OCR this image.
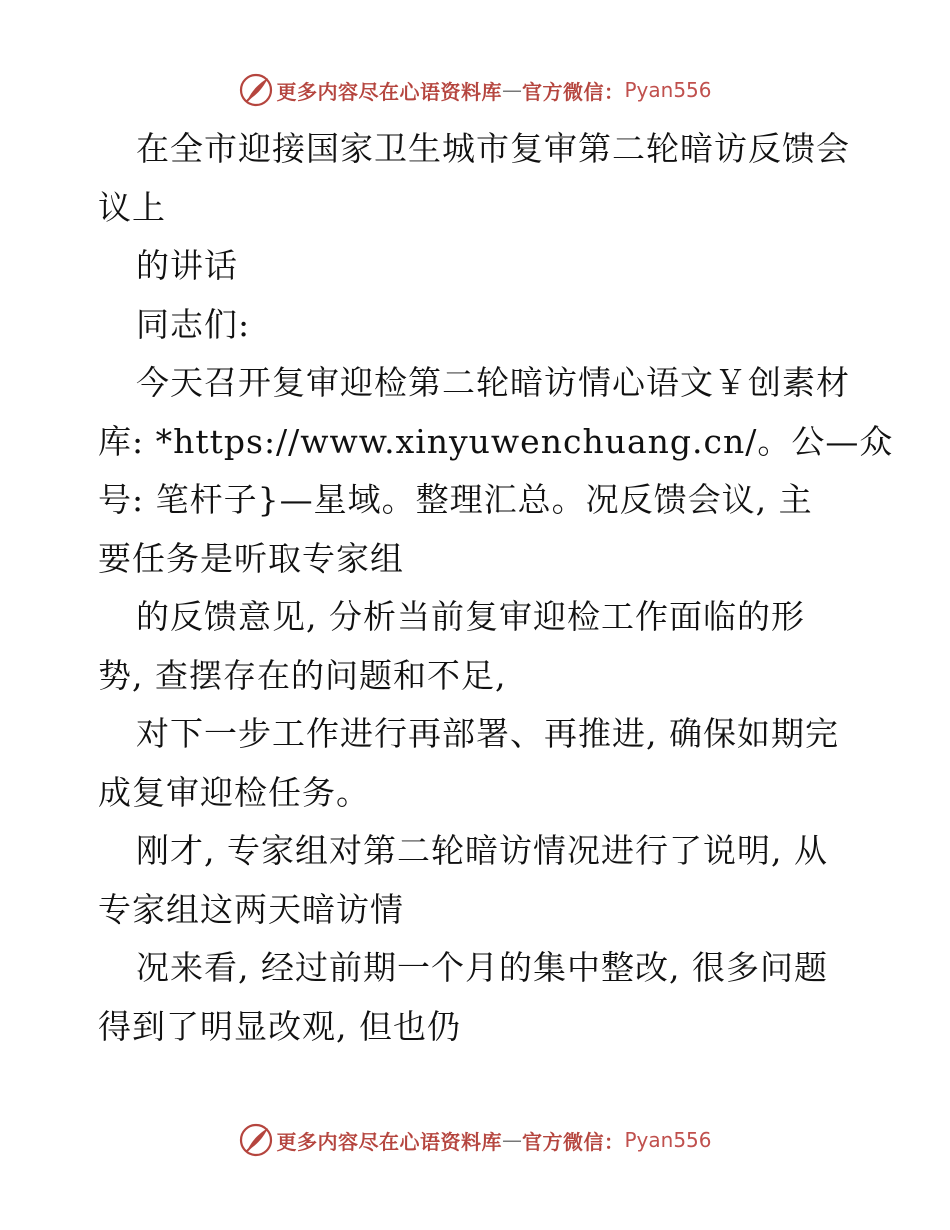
更多内容尽在心语资料库 — 官方微信： Pyan556
在全市迎接国家卫生城市复审第二轮暗访反馈会
议上
的讲话
同志们:
今天召开复审迎检第二轮暗访情心语文￥创素材
库: *https://www.xinyuwenchuang.cn/。公—众
号: 笔杆子}—星域。整理汇总。况反馈会议, 主
要任务是听取专家组
的反馈意见, 分析当前复审迎检工作面临的形
势, 查摆存在的问题和不足,
对下一步工作进行再部署、再推进, 确保如期完
成复审迎检任务。
刚才, 专家组对第二轮暗访情况进行了说明, 从
专家组这两天暗访情
况来看, 经过前期一个月的集中整改, 很多问题
得到了明显改观, 但也仍
更多内容尽在心语资料库 — 官方微信： Pyan556
